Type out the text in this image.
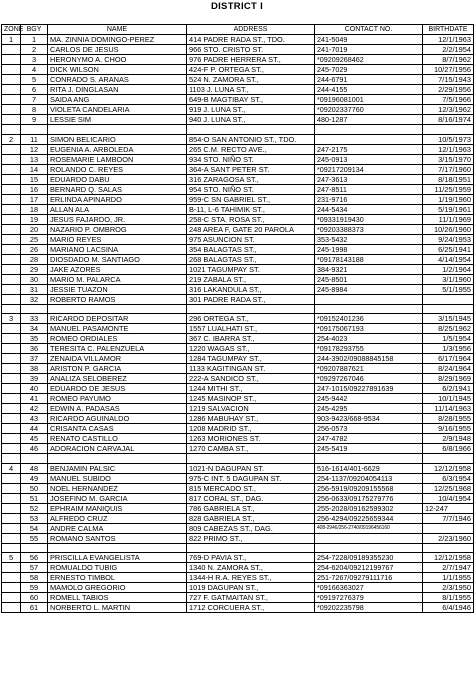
DISTRICT I
ZONE	BGY	NAME	ADDRESS	CONTACT NO.	BIRTHDATE
1	1	MA. ZINNIA DOMINGO-PEREZ	414 PADRE RADA ST., TDO.	241-5049	12/1/1963
	2	CARLOS DE JESUS	966 STO. CRISTO ST.	241-7019	2/2/1954
	3	HERONYMO A. CHOO	976 PADRE HERRERA ST.,	*09209268462	8/7/1962
	4	DICK WILSON	424-F P. ORTEGA ST.,	245-7029	10/27/1956
	5	CONRADO S. ARANAS	524 N. ZAMORA ST.,	244-6791	7/15/1943
	6	RITA J. DINGLASAN	1103 J. LUNA ST.,	244-4155	2/29/1956
	7	SAIDA ANG	649-B MAGTIBAY ST.,	*09196081001	7/5/1966
	8	VIOLETA CANDELARIA	919 J. LUNA ST.,	*09202337760	12/3/1962
	9	LESSIE SIM	940 J. LUNA ST.,	480-1287	8/16/1974

2	11	SIMON BELICARIO	854-O SAN ANTONIO ST., TDO.		10/5/1973
	12	EUGENIA A. ARBOLEDA	265 C.M. RECTO AVE.,	247-2175	12/1/1963
	13	ROSEMARIE LAMBOON	934 STO. NIÑO ST.	245-0913	3/15/1970
	14	ROLANDO C. REYES	364-A SANT PETER ST.	*09217209134	7/17/1960
	15	EDUARDO DABU	316 ZARAGOSA ST.,	247-3613	8/18/1951
	16	BERNARD Q. SALAS	954 STO. NIÑO ST.	247-8511	11/25/1959
	17	ERLINDA APINARDO	959-C SN GABRIEL ST.,	231-9716	1/19/1960
	18	ALLAN ALA	B-11, L-6 TAHIMIK ST.,	244-5434	5/19/1961
	19	JESUS FAJARDO, JR.	258-C STA. ROSA ST.,	*09331919430	11/1/1969
	20	NAZARIO P. OMBROG	248 AREA F, GATE 20 PAROLA	*09203388373	10/26/1960
	25	MARIO REYES	975 ASUNCION ST.	353-5432	9/24/1953
	26	MARIANO LACSINA	354 BALAGTAS ST.,	245-1998	6/25/1941
	28	DIOSDADO M. SANTIAGO	268 BALAGTAS ST.,	*09178143188	4/14/1954
	29	JAKE AZORES	1021 TAGUMPAY ST.	384-9321	1/2/1964
	30	MARIO M. PALARCA	219 ZABALA ST.,	245-8501	3/1/1960
	31	JESSIE TUAZON	316 LAKANDULA ST.,	245-8984	5/1/1955
	32	ROBERTO RAMOS	301 PADRE RADA ST.,		

3	33	RICARDO DEPOSITAR	296 ORTEGA ST.,	*09152401236	3/15/1945
	34	MANUEL PASAMONTE	1557 LUALHATI ST.,	*09175067193	8/25/1962
	35	ROMEO ORDIALES	367 C. IBARRA ST.,	254-4023	1/5/1954
	36	TERESITA C. PALENZUELA	1220 WAGAS ST.,	*09178293755	1/3/1956
	37	ZENAIDA VILLAMOR	1284 TAGUMPAY ST.,	244-3902/09088845158	6/17/1964
	38	ARISTON P. GARCIA	1133 KAGITINGAN ST.	*09207887621	8/24/1964
	39	ANALIZA SELOBEREZ	222-A SANDICO ST.,	*09297267046	8/29/1969
	40	EDUARDO DE JESUS	1244 MITHI ST.,	247-1015/09227891639	6/2/1941
	41	ROMEO PAYUMO	1245 MASINOP ST.,	245-9442	10/1/1945
	42	EDWIN A. PADASAS	1219 SALVACION	245-4295	11/14/1963
	43	RICARDO AGUINALDO	1286 MABUHAY ST.,	903-9423/668-9534	8/28/1955
	44	CRISANTA CASAS	1208 MADRID ST.,	256-0573	9/16/1955
	45	RENATO CASTILLO	1263 MORIONES ST.	247-4782	2/9/1948
	46	ADORACION CARVAJAL	1270 CAMBA ST.,	245-5419	6/8/1966

4	48	BENJAMIN PALSIC	1021-N DAGUPAN ST.	516-1614/401-6629	12/12/1958
	49	MANUEL SUBIDO	975-C INT. 5 DAGUPAN ST.	254-1137/09204054113	6/3/1954
	50	NOEL HERNANDEZ	815 MERCADO ST.,	256-5919/09209155568	12/25/1968
	51	JOSEFINO M. GARCIA	817 CORAL ST., DAG.	256-0633/09175279776	10/4/1954
	52	EPHRAIM MANIQUIS	786 GABRIELA ST.,	255-2028/09162599302	12-247
	53	ALFREDO CRUZ	828 GABRIELA ST.,	256-4294/09225659344	7/7/1946
	54	ANDRE CALMA	809 CABEZAS ST., DAG.	408-2946/256-2740/09196456160	
	55	ROMANO SANTOS	822 PRIMO ST.,		2/23/1960

5	56	PRISCILLA EVANGELISTA	769-D PAVIA ST.,	254-7228/09189355230	12/12/1958
	57	ROMUALDO TUBIG	1340 N. ZAMORA ST.,	254-6204/09212199767	2/7/1947
	58	ERNESTO TIMBOL	1344-H R.A. REYES ST.,	251-7267/09279111716	1/1/1955
	59	MAMOLO GREGORIO	1019 DAGUPAN ST.,	*09166363027	2/3/1950
	60	ROMELL TABIOS	727 F. GATMAITAN ST.,	*09197276379	8/1/1955
	61	NORBERTO L. MARTIN	1712 CORCUERA ST.,	*09202235798	6/4/1946
